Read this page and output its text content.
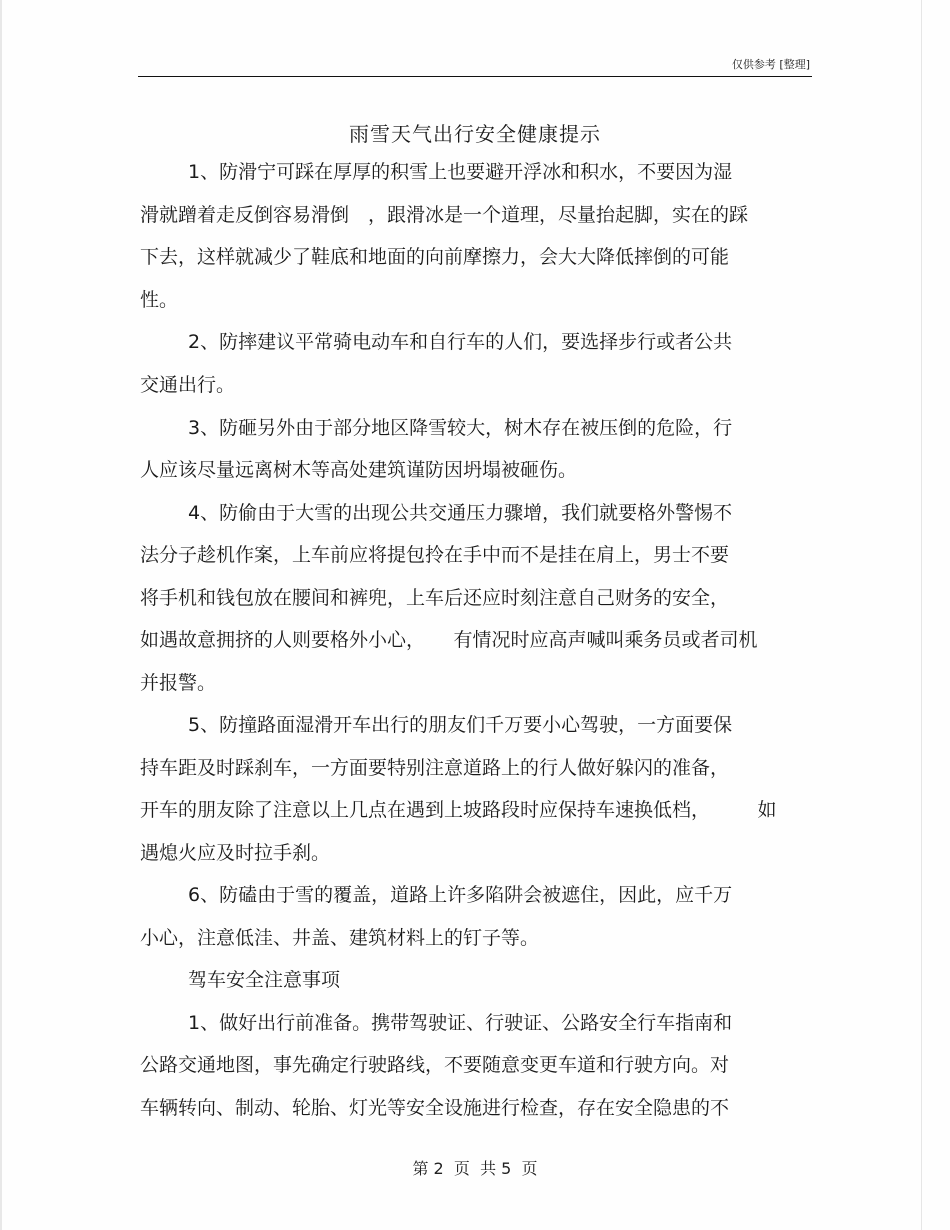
仅供参考 [整理]
雨雪天气出行安全健康提示
1、防滑宁可踩在厚厚的积雪上也要避开浮冰和积水，不要因为湿
滑就蹭着走反倒容易滑倒　，跟滑冰是一个道理，尽量抬起脚，实在的踩
下去，这样就减少了鞋底和地面的向前摩擦力，会大大降低摔倒的可能
性。
2、防摔建议平常骑电动车和自行车的人们，要选择步行或者公共
交通出行。
3、防砸另外由于部分地区降雪较大，树木存在被压倒的危险，行
人应该尽量远离树木等高处建筑谨防因坍塌被砸伤。
4、防偷由于大雪的出现公共交通压力骤增，我们就要格外警惕不
法分子趁机作案，上车前应将提包拎在手中而不是挂在肩上，男士不要
将手机和钱包放在腰间和裤兜，上车后还应时刻注意自己财务的安全，
如遇故意拥挤的人则要格外小心，　　有情况时应高声喊叫乘务员或者司机
并报警。
5、防撞路面湿滑开车出行的朋友们千万要小心驾驶，一方面要保
持车距及时踩刹车，一方面要特别注意道路上的行人做好躲闪的准备，
开车的朋友除了注意以上几点在遇到上坡路段时应保持车速换低档，　　　如
遇熄火应及时拉手刹。
6、防磕由于雪的覆盖，道路上许多陷阱会被遮住，因此，应千万
小心，注意低洼、井盖、建筑材料上的钉子等。
驾车安全注意事项
1、做好出行前准备。携带驾驶证、行驶证、公路安全行车指南和
公路交通地图，事先确定行驶路线，不要随意变更车道和行驶方向。对
车辆转向、制动、轮胎、灯光等安全设施进行检查，存在安全隐患的不
第 2  页  共 5  页
